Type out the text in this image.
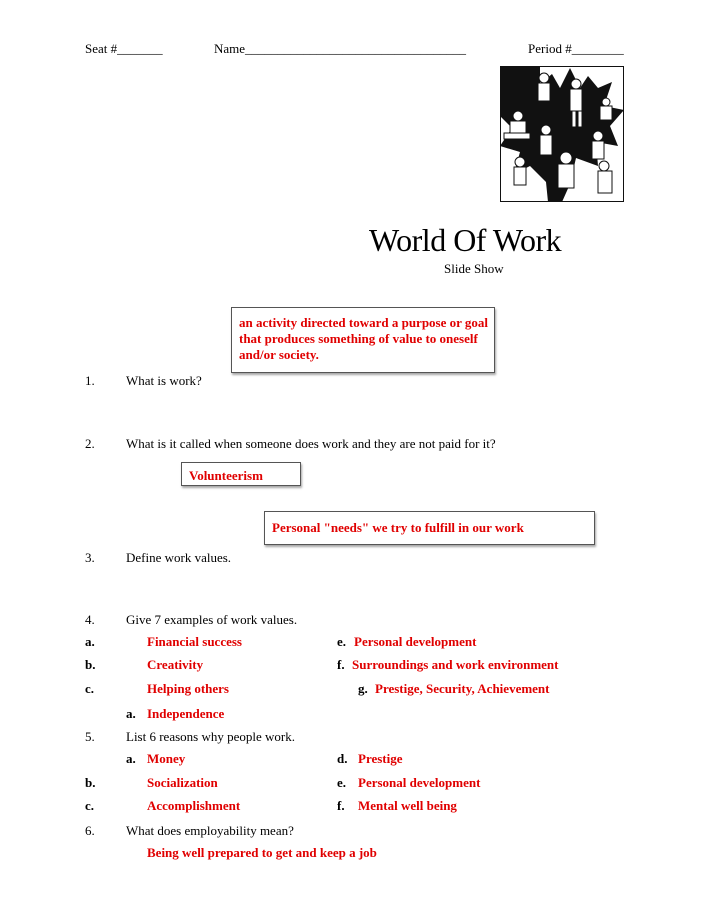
Seat #_______	Name__________________________________	Period #________
World Of Work
Slide Show
an activity directed toward a purpose or goal that produces something of value to oneself and/or society.
1. What is work?
2. What is it called when someone does work and they are not paid for it?
Volunteerism
Personal "needs" we try to fulfill in our work
3. Define work values.
4. Give 7 examples of work values.
a.	Financial success	e. Personal development
b.	Creativity	f. Surroundings and work environment
c.	Helping others	g. Prestige, Security, Achievement
a. Independence
5. List 6 reasons why people work.
a. Money	d. Prestige
b.	Socialization	e. Personal development
c.	Accomplishment	f. Mental well being
6. What does employability mean?
Being well prepared to get and keep a job
